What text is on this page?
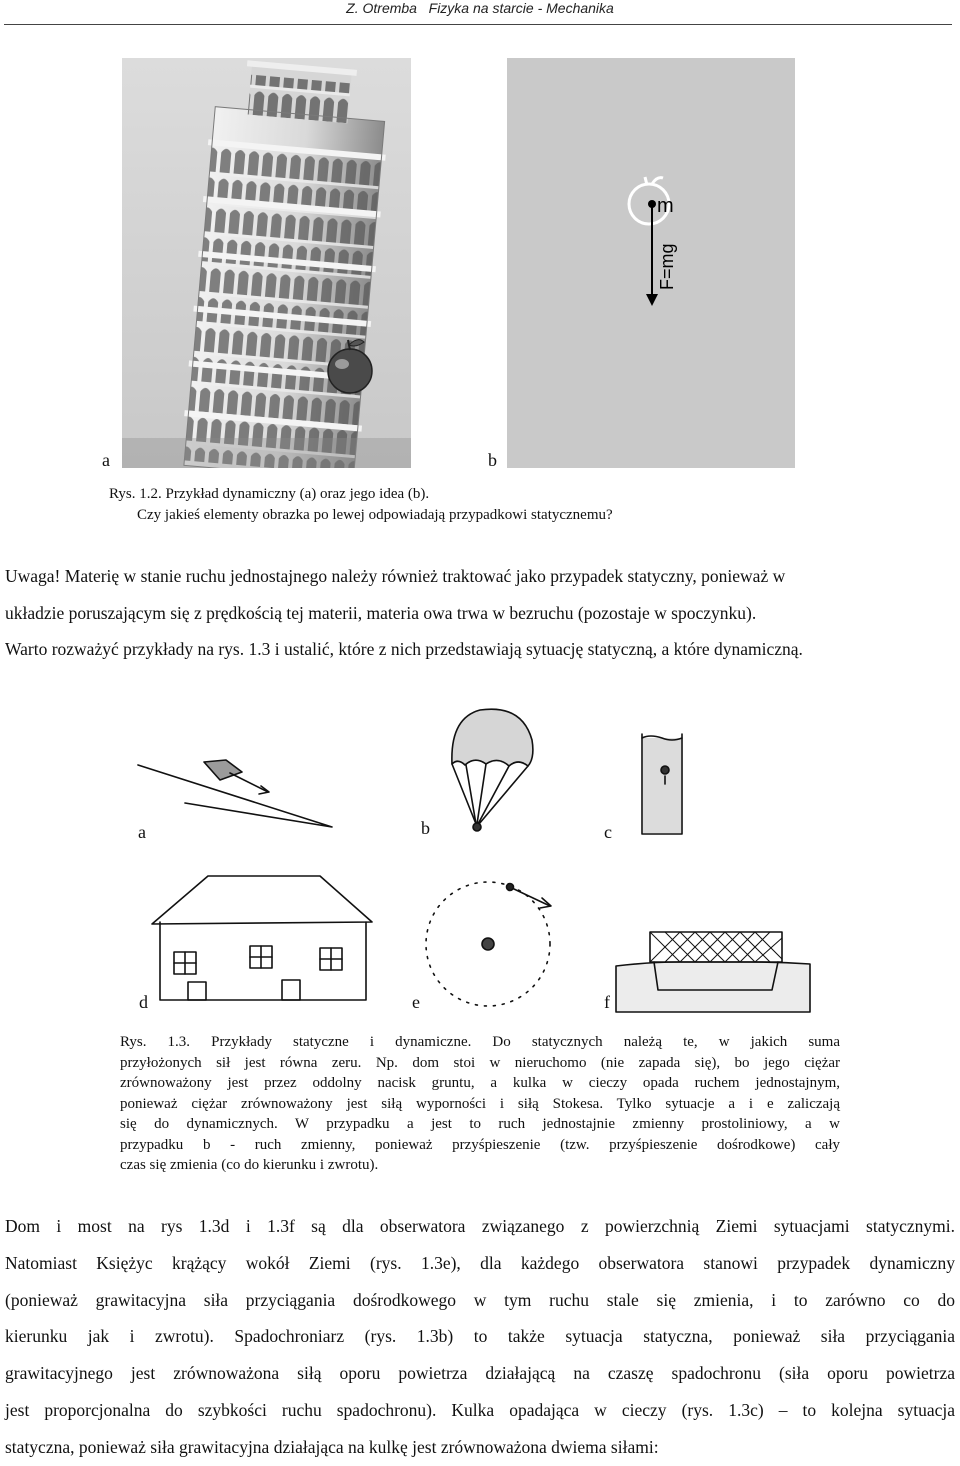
Z. Otremba Fizyka na starcie - Mechanika
m
F=mg
a	b
Rys. 1.2. Przykład dynamiczny (a) oraz jego idea (b).
Czy jakieś elementy obrazka po lewej odpowiadają przypadkowi statycznemu?
Uwaga! Materię w stanie ruchu jednostajnego należy również traktować jako przypadek statyczny, ponieważ w
układzie poruszającym się z prędkością tej materii, materia owa trwa w bezruchu (pozostaje w spoczynku).
Warto rozważyć przykłady na rys. 1.3 i ustalić, które z nich przedstawiają sytuację statyczną, a które dynamiczną.
a	b	c
d	e	f
Rys. 1.3. Przykłady statyczne i dynamiczne. Do statycznych należą te, w jakich suma
przyłożonych sił jest równa zeru. Np. dom stoi w nieruchomo (nie zapada się), bo jego ciężar
zrównoważony jest przez oddolny nacisk gruntu, a kulka w cieczy opada ruchem jednostajnym,
ponieważ ciężar zrównoważony jest siłą wyporności i siłą Stokesa. Tylko sytuacje a i e zaliczają
się do dynamicznych. W przypadku a jest to ruch jednostajnie zmienny prostoliniowy, a w
przypadku b - ruch zmienny, ponieważ przyśpieszenie (tzw. przyśpieszenie dośrodkowe) cały
czas się zmienia (co do kierunku i zwrotu).
Dom i most na rys 1.3d i 1.3f są dla obserwatora związanego z powierzchnią Ziemi sytuacjami statycznymi.
Natomiast Księżyc krążący wokół Ziemi (rys. 1.3e), dla każdego obserwatora stanowi przypadek dynamiczny
(ponieważ grawitacyjna siła przyciągania dośrodkowego w tym ruchu stale się zmienia, i to zarówno co do
kierunku jak i zwrotu). Spadochroniarz (rys. 1.3b) to także sytuacja statyczna, ponieważ siła przyciągania
grawitacyjnego jest zrównoważona siłą oporu powietrza działającą na czaszę spadochronu (siła oporu powietrza
jest proporcjonalna do szybkości ruchu spadochronu). Kulka opadająca w cieczy (rys. 1.3c) – to kolejna sytuacja
statyczna, ponieważ siła grawitacyjna działająca na kulkę jest zrównoważona dwiema siłami:
